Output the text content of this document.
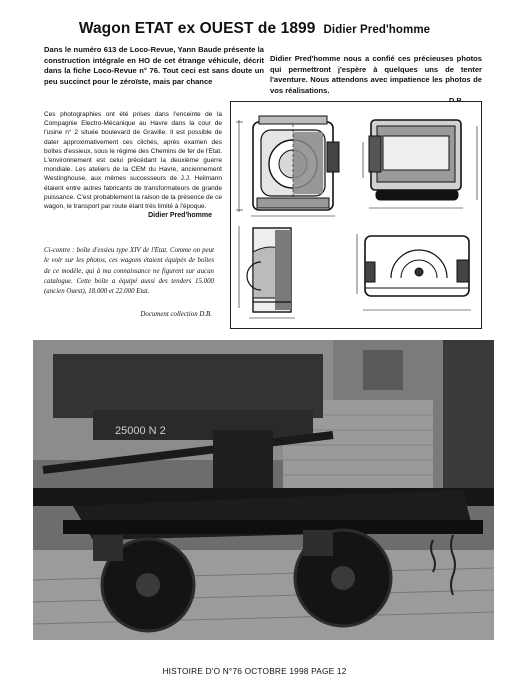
Wagon ETAT ex OUEST de 1899 Didier Pred'homme
Dans le numéro 613 de Loco-Revue, Yann Baude présente la construction intégrale en HO de cet étrange véhicule, décrit dans la fiche Loco-Revue n° 76. Tout ceci est sans doute un peu succinct pour le zéroïste, mais par chance
Didier Pred'homme nous a confié ces précieuses photos qui permettront j'espère à quelques uns de tenter l'aventure. Nous attendons avec impatience les photos de vos réalisations.
Ces photographies ont été prises dans l'enceinte de la Compagnie Electro-Mécanique au Havre dans la cour de l'usine n° 2 située boulevard de Graville. Il est possible de dater approximativement ces clichés, après examen des boîtes d'essieux, sous le régime des Chemins de fer de l'Etat. L'environnement est celui précédant la deuxième guerre mondiale. Les ateliers de la CEM du Havre, anciennement Westinghouse, aux mêmes successeurs de J.J. Heilmann étaient entre autres fabricants de transformateurs de grande puissance. C'est probablement la raison de la présence de ce wagon, le transport par route étant très limité à l'époque.
Didier Pred'homme
Ci-contre : boîte d'essieu type XIV de l'Etat. Comme on peut le voir sur les photos, ces wagons étaient équipés de boîtes de ce modèle, qui à ma connaissance ne figurent sur aucun catalogue. Cette boîte a équipé aussi des tenders 15.000 (ancien Ouest), 18.000 et 22.000 Etat.
Document collection D.B.
25000 N 2
HISTOIRE D'O N°76 OCTOBRE 1998 PAGE 12
